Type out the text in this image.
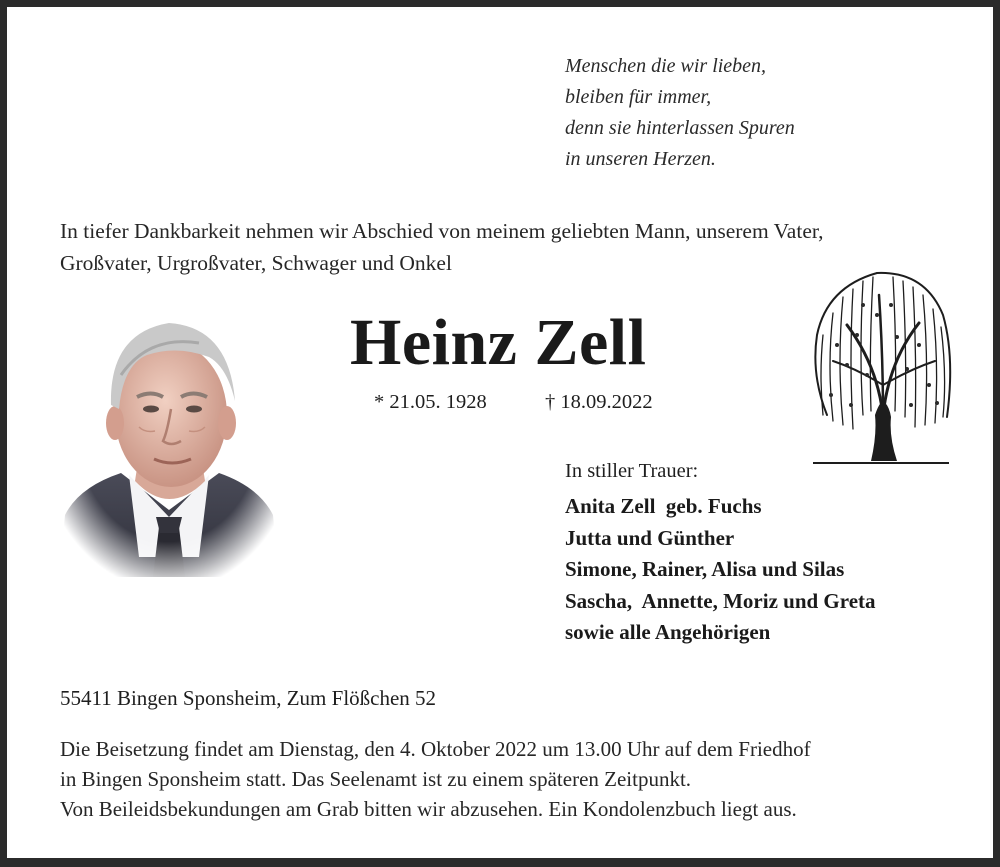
Menschen die wir lieben,
bleiben für immer,
denn sie hinterlassen Spuren
in unseren Herzen.
In tiefer Dankbarkeit nehmen wir Abschied von meinem geliebten Mann, unserem Vater,
Großvater, Urgroßvater, Schwager und Onkel
Heinz Zell
* 21.05. 1928	† 18.09.2022
In stiller Trauer:
Anita Zell  geb. Fuchs
Jutta und Günther
Simone, Rainer, Alisa und Silas
Sascha,  Annette, Moriz und Greta
sowie alle Angehörigen
55411 Bingen Sponsheim, Zum Flößchen 52
Die Beisetzung findet am Dienstag, den 4. Oktober 2022 um 13.00 Uhr auf dem Friedhof
in Bingen Sponsheim statt. Das Seelenamt ist zu einem späteren Zeitpunkt.
Von Beileidsbekundungen am Grab bitten wir abzusehen. Ein Kondolenzbuch liegt aus.
